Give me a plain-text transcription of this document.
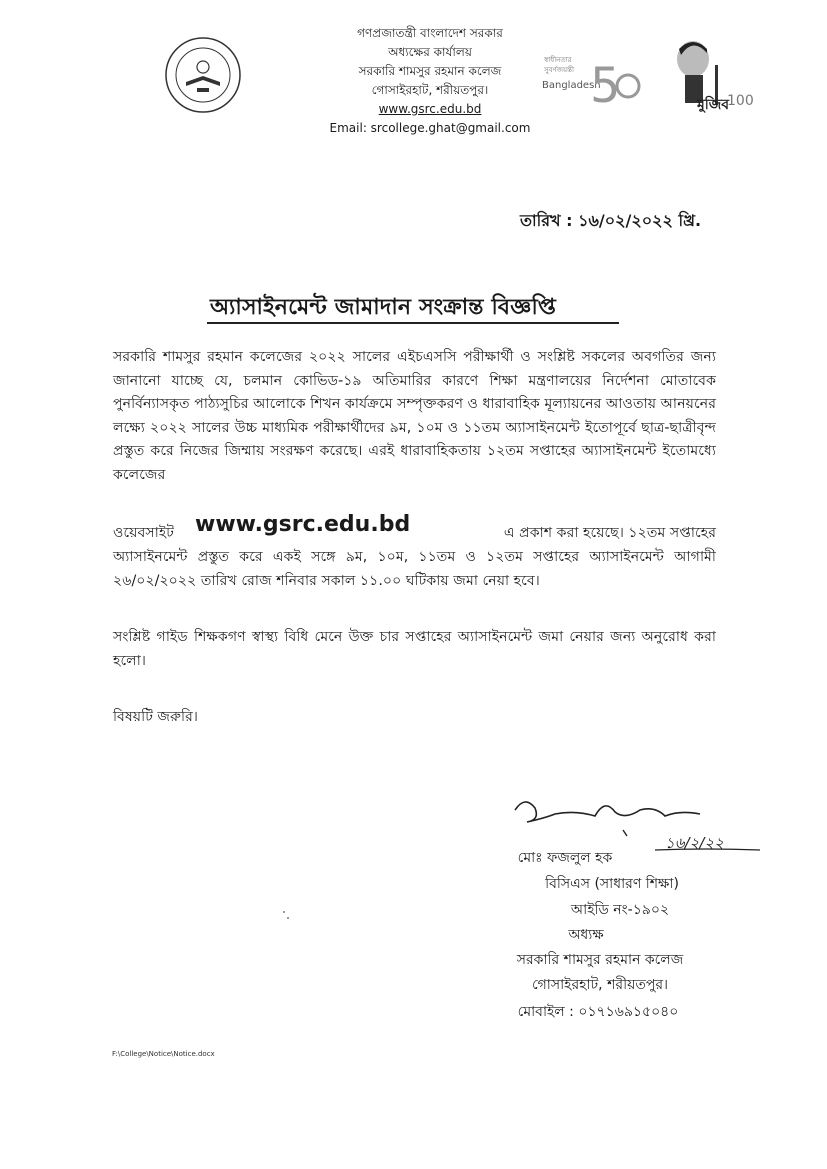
গণপ্রজাতন্ত্রী বাংলাদেশ সরকার
অধ্যক্ষের কার্যালয়
সরকারি শামসুর রহমান কলেজ
গোসাইরহাট, শরীয়তপুর।
www.gsrc.edu.bd
Email: srcollege.ghat@gmail.com
স্বাধীনতার
সুবর্ণজয়ন্তী
Bangladesh
5	মুজিব
100
তারিখ : ১৬/০২/২০২২ খ্রি.
অ্যাসাইনমেন্ট জামাদান সংক্রান্ত বিজ্ঞপ্তি
সরকারি শামসুর রহমান কলেজের ২০২২ সালের এইচএসসি পরীক্ষার্থী ও সংশ্লিষ্ট সকলের অবগতির জন্য জানানো যাচ্ছে যে, চলমান কোভিড-১৯ অতিমারির কারণে শিক্ষা মন্ত্রণালয়ের নির্দেশনা মোতাবেক পুনর্বিন্যাসকৃত পাঠ্যসুচির আলোকে শিখন কার্যক্রমে সম্পৃক্তকরণ ও ধারাবাহিক মূল্যায়নের আওতায় আনয়নের লক্ষ্যে ২০২২ সালের উচ্চ মাধ্যমিক পরীক্ষার্থীদের ৯ম, ১০ম ও ১১তম অ্যাসাইনমেন্ট ইতোপূর্বে ছাত্র-ছাত্রীবৃন্দ প্রস্তুত করে নিজের জিম্মায় সংরক্ষণ করেছে। এরই ধারাবাহিকতায় ১২তম সপ্তাহের অ্যাসাইনমেন্ট ইতোমধ্যে কলেজের
ওয়েবসাইট www.gsrc.edu.bd	এ প্রকাশ করা হয়েছে। ১২তম সপ্তাহের
অ্যাসাইনমেন্ট প্রস্তুত করে একই সঙ্গে ৯ম, ১০ম, ১১তম ও ১২তম সপ্তাহের অ্যাসাইনমেন্ট আগামী ২৬/০২/২০২২ তারিখ রোজ শনিবার সকাল ১১.০০ ঘটিকায় জমা নেয়া হবে।
সংশ্লিষ্ট গাইড শিক্ষকগণ স্বাস্থ্য বিধি মেনে উক্ত চার সপ্তাহের অ্যাসাইনমেন্ট জমা নেয়ার জন্য অনুরোধ করা হলো।
বিষয়টি জরুরি।
১৬/২/২২
মোঃ ফজলুল হক
বিসিএস (সাধারণ শিক্ষা)
আইডি নং-১৯০২
অধ্যক্ষ
সরকারি শামসুর রহমান কলেজ
গোসাইরহাট, শরীয়তপুর।
মোবাইল : ০১৭১৬৯১৫০৪০
F:\College\Notice\Notice.docx
